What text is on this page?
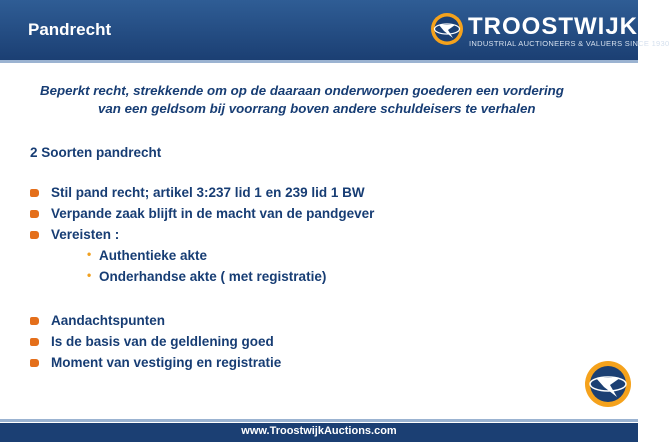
Pandrecht	TROOSTWIJK
INDUSTRIAL AUCTIONEERS & VALUERS SINCE 1930
Beperkt recht, strekkende om op de daaraan onderworpen goederen een vordering
van een geldsom bij voorrang boven andere schuldeisers te verhalen
2 Soorten pandrecht
Stil pand recht; artikel 3:237 lid 1 en 239 lid 1 BW
Verpande zaak blijft in de macht van de pandgever
Vereisten :
• Authentieke akte
• Onderhandse akte ( met registratie)
Aandachtspunten
Is de basis van de geldlening goed
Moment van vestiging en registratie
www.TroostwijkAuctions.com
